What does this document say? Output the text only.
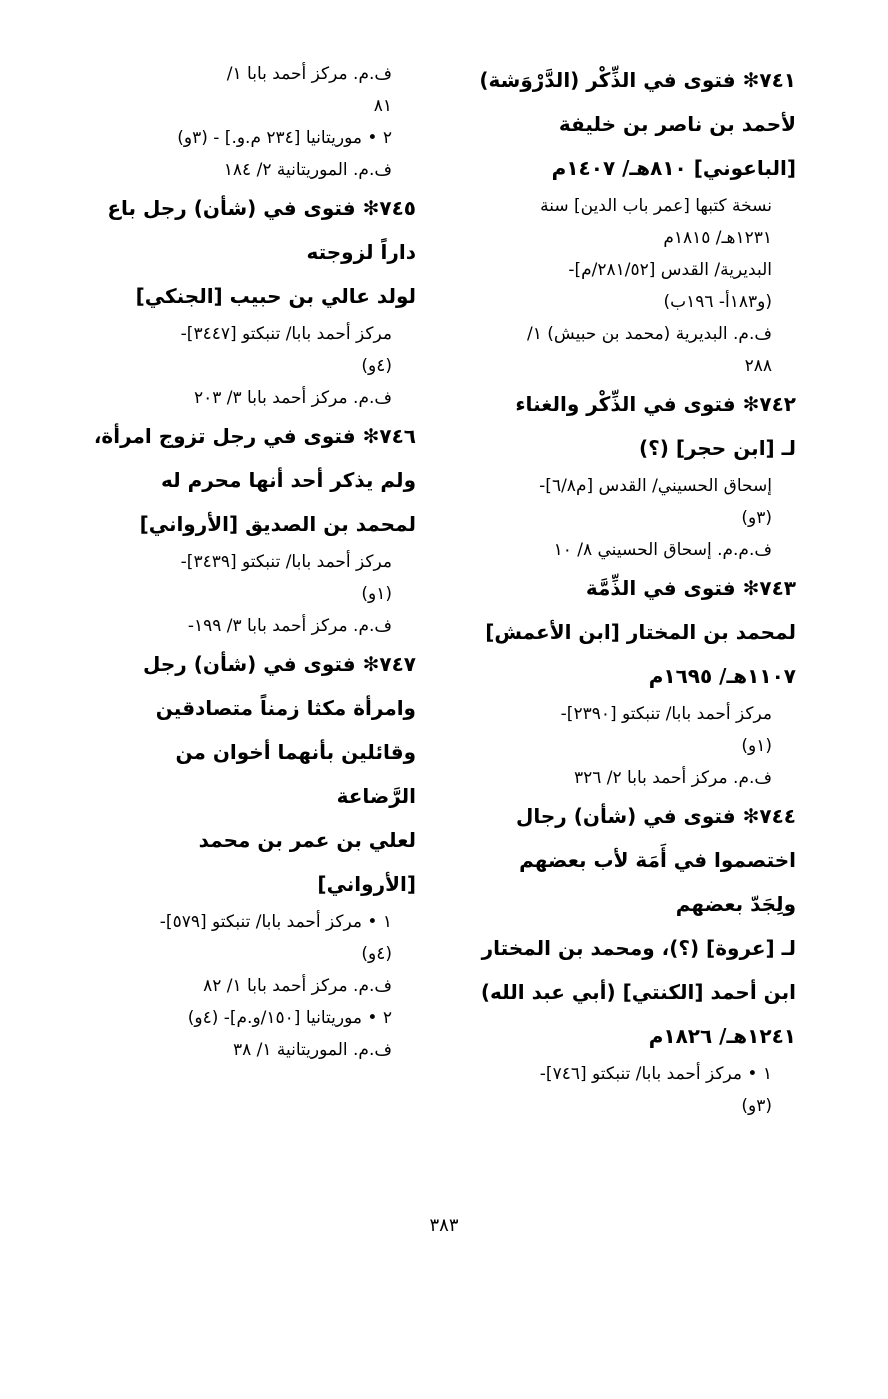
٧٤١✻ فتوى في الذِّكْر (الدَّرْوَشة)
لأحمد بن ناصر بن خليفة
[الباعوني] ٨١٠هـ/ ١٤٠٧م
نسخة كتبها [عمر باب الدين] سنة
١٢٣١هـ/ ١٨١٥م
البديرية/ القدس [٢٨١/٥٢/م]-
(و١٨٣أ- ١٩٦ب)
ف.م. البديرية (محمد بن حبيش) ١/
٢٨٨
٧٤٢✻ فتوى في الذِّكْر والغناء
لـ [ابن حجر] (؟)
إسحاق الحسيني/ القدس [م٦/٨]-
(٣و)
ف.م.م. إسحاق الحسيني ٨/ ١٠
٧٤٣✻ فتوى في الذِّمَّة
لمحمد بن المختار [ابن الأعمش]
١١٠٧هـ/ ١٦٩٥م
مركز أحمد بابا/ تنبكتو [٢٣٩٠]-
(١و)
ف.م. مركز أحمد بابا ٢/ ٣٢٦
٧٤٤✻ فتوى في (شأن) رجال
اختصموا في أَمَة لأب بعضهم
ولِجَدّ بعضهم
لـ [عروة] (؟)، ومحمد بن المختار
ابن أحمد [الكنتي] (أبي عبد الله)
١٢٤١هـ/ ١٨٢٦م
١ • مركز أحمد بابا/ تنبكتو [٧٤٦]-
(٣و)
ف.م. مركز أحمد بابا ١/
٨١
٢ • موريتانيا [٢٣٤ م.و.] - (٣و)
ف.م. الموريتانية ٢/ ١٨٤
٧٤٥✻ فتوى في (شأن) رجل باع
داراً لزوجته
لولد عالي بن حبيب [الجنكي]
مركز أحمد بابا/ تنبكتو [٣٤٤٧]-
(٤و)
ف.م. مركز أحمد بابا ٣/ ٢٠٣
٧٤٦✻ فتوى في رجل تزوج امرأة،
ولم يذكر أحد أنها محرم له
لمحمد بن الصديق [الأرواني]
مركز أحمد بابا/ تنبكتو [٣٤٣٩]-
(١و)
ف.م. مركز أحمد بابا ٣/ ١٩٩-
٧٤٧✻ فتوى في (شأن) رجل
وامرأة مكثا زمناً متصادقين
وقائلين بأنهما أخوان من
الرَّضاعة
لعلي بن عمر بن محمد
[الأرواني]
١ • مركز أحمد بابا/ تنبكتو [٥٧٩]-
(٤و)
ف.م. مركز أحمد بابا ١/ ٨٢
٢ • موريتانيا [١٥٠/و.م]- (٤و)
ف.م. الموريتانية ١/ ٣٨
٣٨٣
